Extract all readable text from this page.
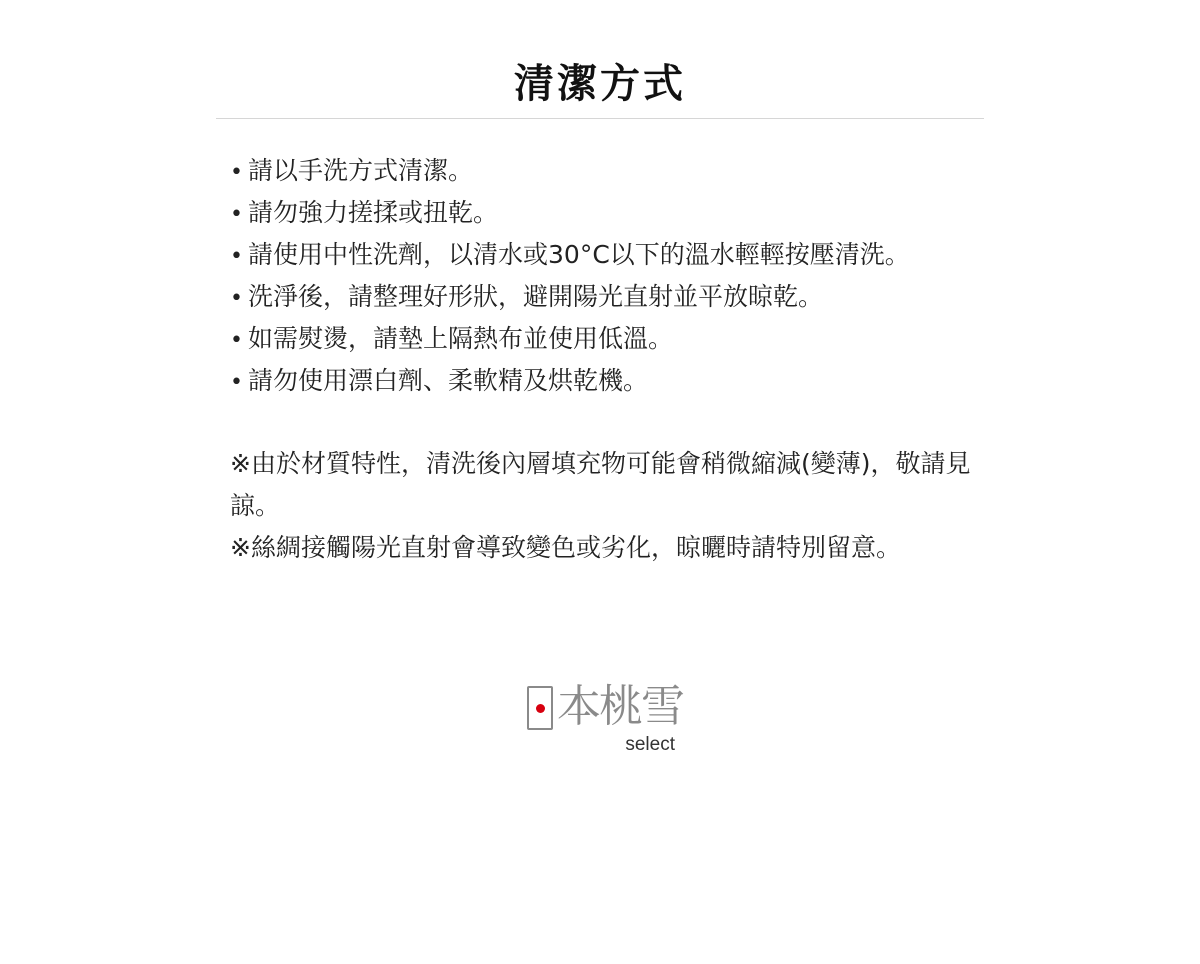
清潔方式
• 請以手洗方式清潔。
• 請勿強力搓揉或扭乾。
• 請使用中性洗劑，以清水或30°C以下的溫水輕輕按壓清洗。
• 洗淨後，請整理好形狀，避開陽光直射並平放晾乾。
• 如需熨燙，請墊上隔熱布並使用低溫。
• 請勿使用漂白劑、柔軟精及烘乾機。
※由於材質特性，清洗後內層填充物可能會稍微縮減(變薄)，敬請見諒。
※絲綢接觸陽光直射會導致變色或劣化，晾曬時請特別留意。
本桃雪
select
